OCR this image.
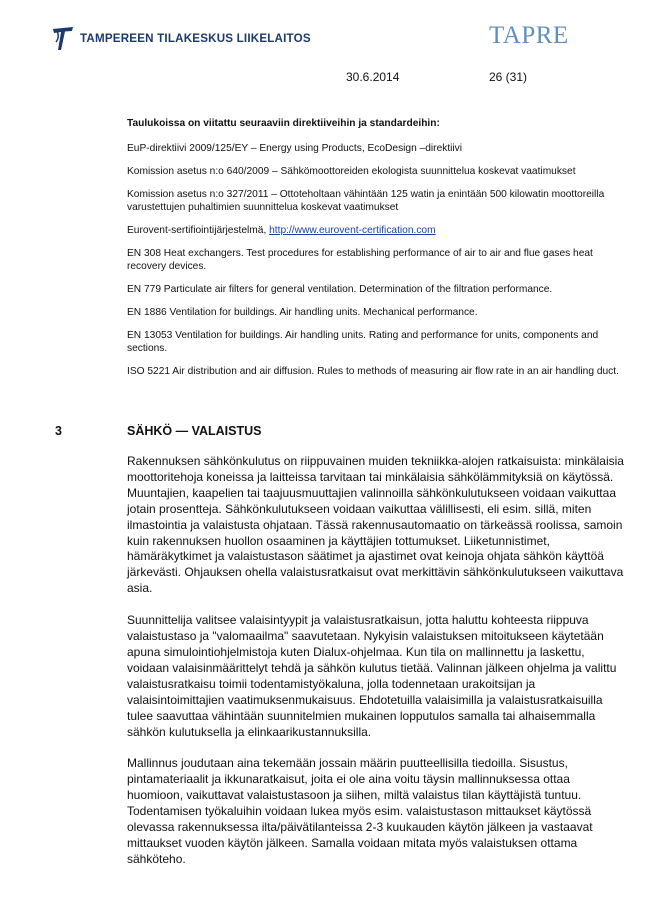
TAMPEREEN TILAKESKUS LIIKELAITOS	TAPRE
30.6.2014	26 (31)

Taulukoissa on viitattu seuraaviin direktiiveihin ja standardeihin:

EuP-direktiivi 2009/125/EY – Energy using Products, EcoDesign –direktiivi

Komission asetus n:o 640/2009 – Sähkömoottoreiden ekologista suunnittelua koskevat vaatimukset

Komission asetus n:o 327/2011 – Ottoteholtaan vähintään 125 watin ja enintään 500 kilowatin moottoreilla varustettujen puhaltimien suunnittelua koskevat vaatimukset

Eurovent-sertifiointijärjestelmä, http://www.eurovent-certification.com

EN 308 Heat exchangers. Test procedures for establishing performance of air to air and flue gases heat recovery devices.

EN 779 Particulate air filters for general ventilation. Determination of the filtration performance.

EN 1886 Ventilation for buildings. Air handling units. Mechanical performance.

EN 13053 Ventilation for buildings. Air handling units. Rating and performance for units, components and sections.

ISO 5221 Air distribution and air diffusion. Rules to methods of measuring air flow rate in an air handling duct.

3	SÄHKÖ — VALAISTUS

Rakennuksen sähkönkulutus on riippuvainen muiden tekniikka-alojen ratkaisuista: minkälaisia moottoritehoja koneissa ja laitteissa tarvitaan tai minkälaisia sähkölämmityksiä on käytössä. Muuntajien, kaapelien tai taajuusmuuttajien valinnoilla sähkönkulutukseen voidaan vaikuttaa jotain prosentteja. Sähkönkulutukseen voidaan vaikuttaa välillisesti, eli esim. sillä, miten ilmastointia ja valaistusta ohjataan. Tässä rakennusautomaatio on tärkeässä roolissa, samoin kuin rakennuksen huollon osaaminen ja käyttäjien tottumukset. Liiketunnistimet, hämäräkytkimet ja valaistustason säätimet ja ajastimet ovat keinoja ohjata sähkön käyttöä järkevästi. Ohjauksen ohella valaistusratkaisut ovat merkittävin sähkönkulutukseen vaikuttava asia.

Suunnittelija valitsee valaisintyypit ja valaistusratkaisun, jotta haluttu kohteesta riippuva valaistustaso ja "valomaailma" saavutetaan. Nykyisin valaistuksen mitoitukseen käytetään apuna simulointiohjelmistoja kuten Dialux-ohjelmaa. Kun tila on mallinnettu ja laskettu, voidaan valaisinmäärittelyt tehdä ja sähkön kulutus tietää. Valinnan jälkeen ohjelma ja valittu valaistusratkaisu toimii todentamistyökaluna, jolla todennetaan urakoitsijan ja valaisintoimittajien vaatimuksenmukaisuus. Ehdotetuilla valaisimilla ja valaistusratkaisuilla tulee saavuttaa vähintään suunnitelmien mukainen lopputulos samalla tai alhaisemmalla sähkön kulutuksella ja elinkaarikustannuksilla.

Mallinnus joudutaan aina tekemään jossain määrin puutteellisilla tiedoilla. Sisustus, pintamateriaalit ja ikkunaratkaisut, joita ei ole aina voitu täysin mallinnuksessa ottaa huomioon, vaikuttavat valaistustasoon ja siihen, miltä valaistus tilan käyttäjistä tuntuu. Todentamisen työkaluihin voidaan lukea myös esim. valaistustason mittaukset käytössä olevassa rakennuksessa ilta/päivätilanteissa 2-3 kuukauden käytön jälkeen ja vastaavat mittaukset vuoden käytön jälkeen. Samalla voidaan mitata myös valaistuksen ottama sähköteho.
